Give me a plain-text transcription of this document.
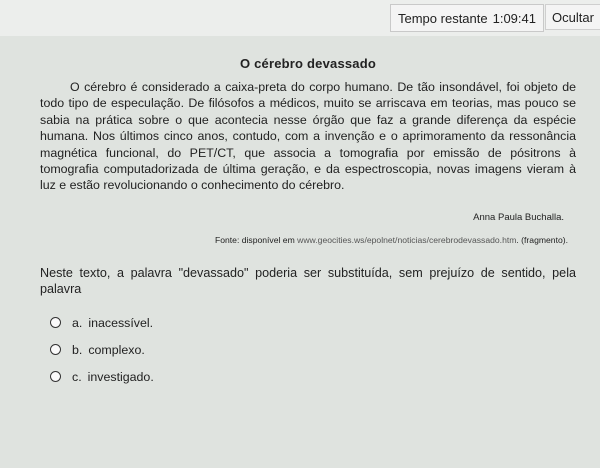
Tempo restante 1:09:41	Ocultar
O cérebro devassado

O cérebro é considerado a caixa-preta do corpo humano. De tão insondável, foi objeto de todo tipo de especulação. De filósofos a médicos, muito se arriscava em teorias, mas pouco se sabia na prática sobre o que acontecia nesse órgão que faz a grande diferença da espécie humana. Nos últimos cinco anos, contudo, com a invenção e o aprimoramento da ressonância magnética funcional, do PET/CT, que associa a tomografia por emissão de pósitrons à tomografia computadorizada de última geração, e da espectroscopia, novas imagens vieram à luz e estão revolucionando o conhecimento do cérebro.

Anna Paula Buchalla.
Fonte: disponível em www.geocities.ws/epolnet/noticias/cerebrodevassado.htm. (fragmento).

Neste texto, a palavra "devassado" poderia ser substituída, sem prejuízo de sentido, pela palavra

a. inacessível.
b. complexo.
c. investigado.
